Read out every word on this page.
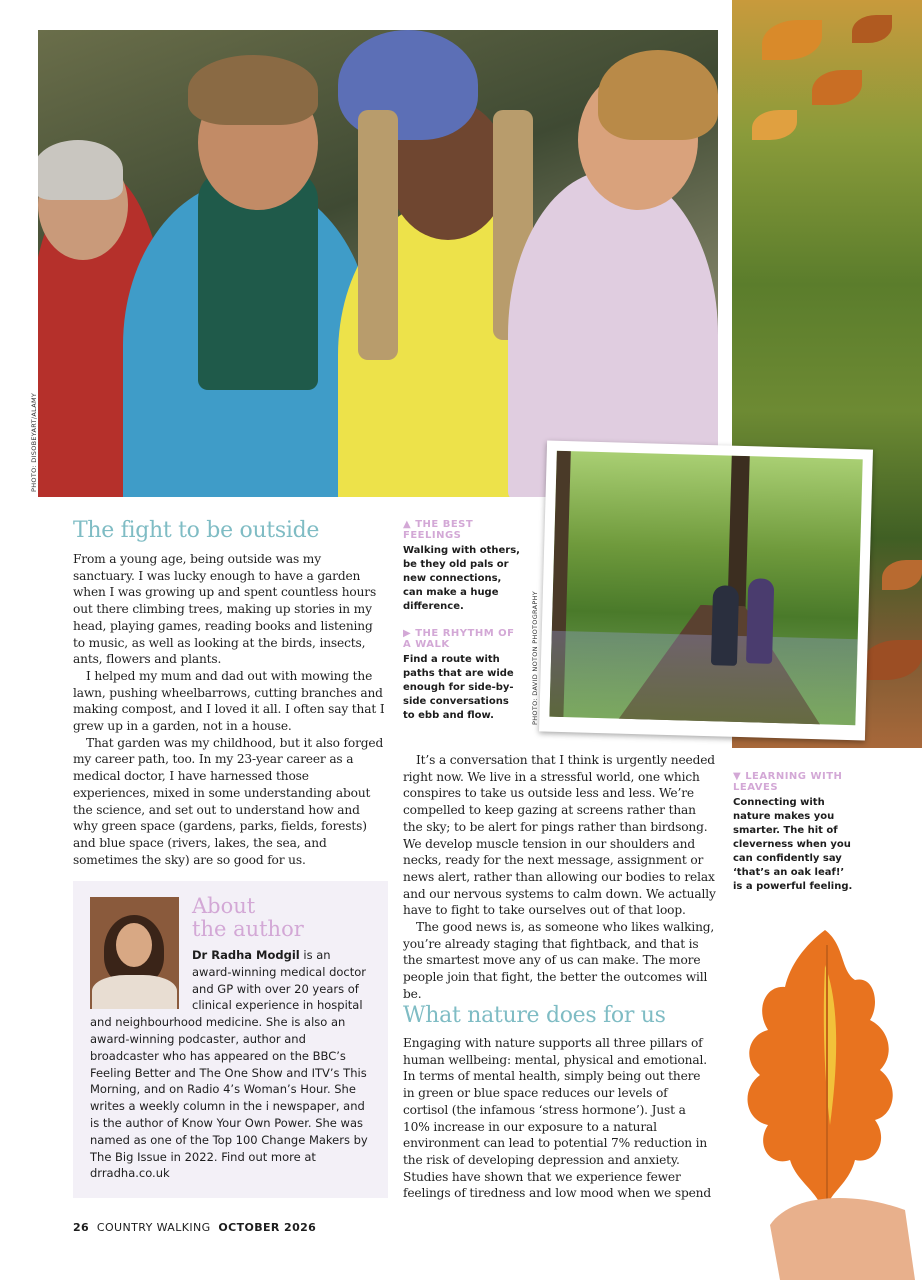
PHOTO: DISOBEYART/ALAMY
PHOTO: DAVID NOTON PHOTOGRAPHY
The fight to be outside

From a young age, being outside was my sanctuary. I was lucky enough to have a garden when I was growing up and spent countless hours out there climbing trees, making up stories in my head, playing games, reading books and listening to music, as well as looking at the birds, insects, ants, flowers and plants.

I helped my mum and dad out with mowing the lawn, pushing wheelbarrows, cutting branches and making compost, and I loved it all. I often say that I grew up in a garden, not in a house.

That garden was my childhood, but it also forged my career path, too. In my 23-year career as a medical doctor, I have harnessed those experiences, mixed in some understanding about the science, and set out to understand how and why green space (gardens, parks, fields, forests) and blue space (rivers, lakes, the sea, and sometimes the sky) are so good for us.

▲ THE BEST FEELINGS
Walking with others, be they old pals or new connections, can make a huge difference.
▶ THE RHYTHM OF A WALK
Find a route with paths that are wide enough for side-by-side conversations to ebb and flow.
▼ LEARNING WITH LEAVES
Connecting with nature makes you smarter. The hit of cleverness when you can confidently say ‘that’s an oak leaf!’ is a powerful feeling.

It’s a conversation that I think is urgently needed right now. We live in a stressful world, one which conspires to take us outside less and less. We’re compelled to keep gazing at screens rather than the sky; to be alert for pings rather than birdsong. We develop muscle tension in our shoulders and necks, ready for the next message, assignment or news alert, rather than allowing our bodies to relax and our nervous systems to calm down. We actually have to fight to take ourselves out of that loop.

The good news is, as someone who likes walking, you’re already staging that fightback, and that is the smartest move any of us can make. The more people join that fight, the better the outcomes will be.

What nature does for us

Engaging with nature supports all three pillars of human wellbeing: mental, physical and emotional. In terms of mental health, simply being out there in green or blue space reduces our levels of cortisol (the infamous ‘stress hormone’). Just a 10% increase in our exposure to a natural environment can lead to potential 7% reduction in the risk of developing depression and anxiety. Studies have shown that we experience fewer feelings of tiredness and low mood when we spend

About
the author
Dr Radha Modgil is an award-winning medical doctor and GP with over 20 years of clinical experience in hospital and neighbourhood medicine. She is also an award-winning podcaster, author and broadcaster who has appeared on the BBC’s Feeling Better and The One Show and ITV’s This Morning, and on Radio 4’s Woman’s Hour. She writes a weekly column in the i newspaper, and is the author of Know Your Own Power. She was named as one of the Top 100 Change Makers by The Big Issue in 2022. Find out more at drradha.co.uk
26 COUNTRY WALKING OCTOBER 2026
